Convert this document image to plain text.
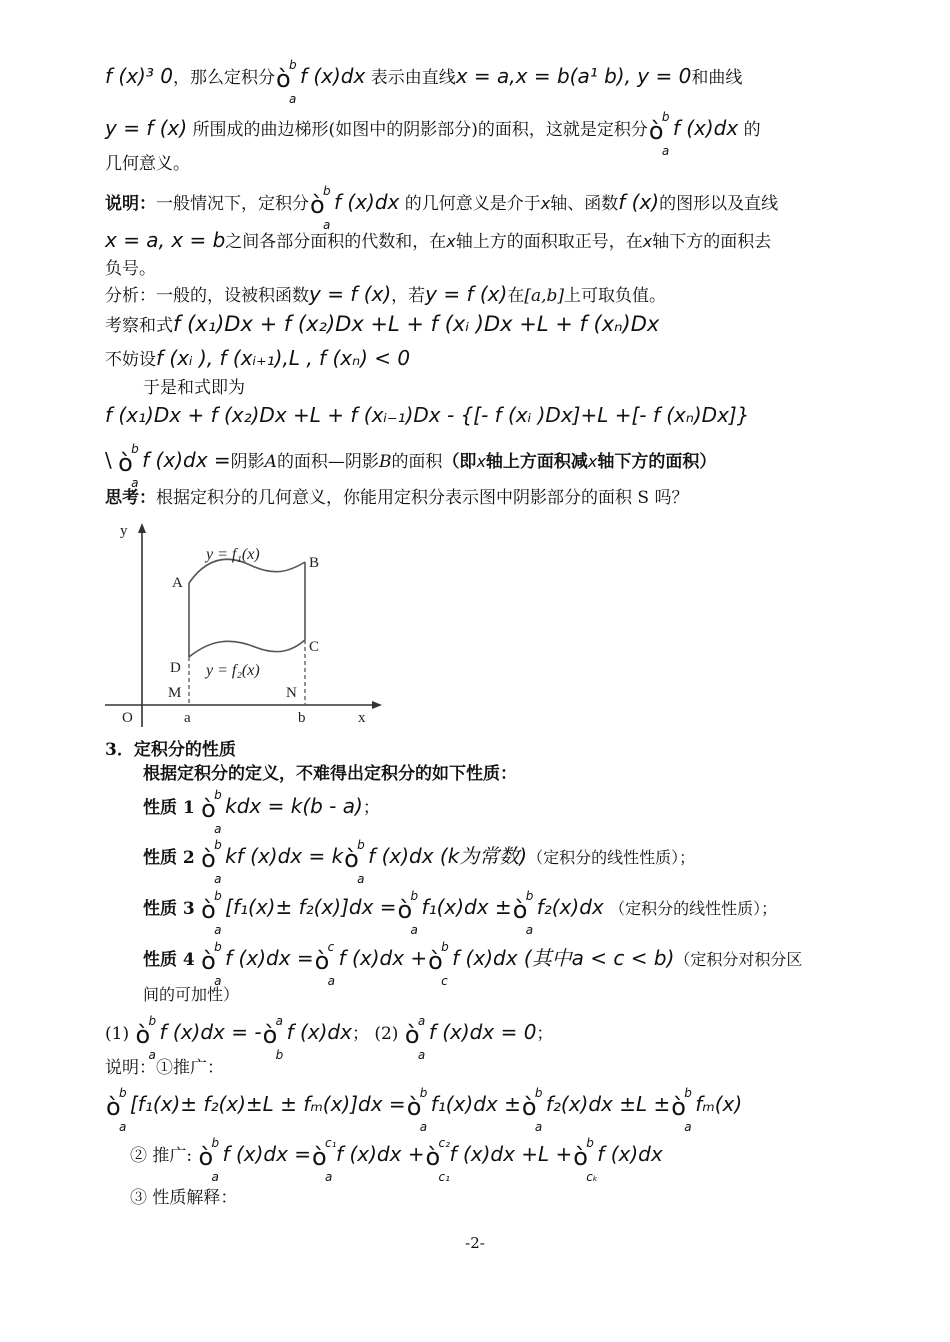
f (x)³ 0，那么定积分ò
b
a
f (x)dx 表示由直线x = a,x = b(a¹ b), y = 0和曲线
y = f (x) 所围成的曲边梯形(如图中的阴影部分)的面积，这就是定积分ò
b
a
f (x)dx 的
几何意义。
说明：一般情况下，定积分ò
b
a
f (x)dx 的几何意义是介于x轴、函数f (x)的图形以及直线
x = a, x = b之间各部分面积的代数和，在x轴上方的面积取正号，在x轴下方的面积去
负号。
分析：一般的，设被积函数y = f (x)，若y = f (x)在[a,b]上可取负值。
考察和式f (x₁)Dx + f (x₂)Dx +L + f (xᵢ )Dx +L + f (xₙ)Dx
不妨设f (xᵢ ), f (xᵢ₊₁),L , f (xₙ) < 0
于是和式即为
f (x₁)Dx + f (x₂)Dx +L + f (xᵢ₋₁)Dx - {[- f (xᵢ )Dx]+L +[- f (xₙ)Dx]}
\ ò
b
a
f (x)dx =阴影A的面积—阴影B的面积（即x轴上方面积减x轴下方的面积）
思考：根据定积分的几何意义，你能用定积分表示图中阴影部分的面积 S 吗？
y
x
O
y = f₁(x)
y = f₂(x)
A
B
C
D
M	N
a	b
3．定积分的性质
根据定积分的定义，不难得出定积分的如下性质：
性质 1 ò
b
a
kdx = k(b - a)；
性质 2 ò
b
a
kf (x)dx = kò
b
a
f (x)dx (k为常数)（定积分的线性性质）；
性质 3 ò
b
a
[f₁(x)± f₂(x)]dx =ò
b
a
f₁(x)dx ±ò
b
a
f₂(x)dx （定积分的线性性质）；
性质 4 ò
b
a
f (x)dx =ò
c
a
f (x)dx +ò
b
c
f (x)dx (其中a < c < b)（定积分对积分区
间的可加性）
(1) ò
b
a
f (x)dx = -ò
a
b
f (x)dx； (2) ò
a
a
f (x)dx = 0；
说明：①推广：
ò
b
a
[f₁(x)± f₂(x)±L ± fₘ(x)]dx =ò
b
a
f₁(x)dx ±ò
b
a
f₂(x)dx ±L ±ò
b
a
fₘ(x)
② 推广: ò
b
a
f (x)dx =ò
c₁
a
f (x)dx +ò
c₂
c₁
f (x)dx +L +ò
b
cₖ
f (x)dx
③ 性质解释：
-2-
